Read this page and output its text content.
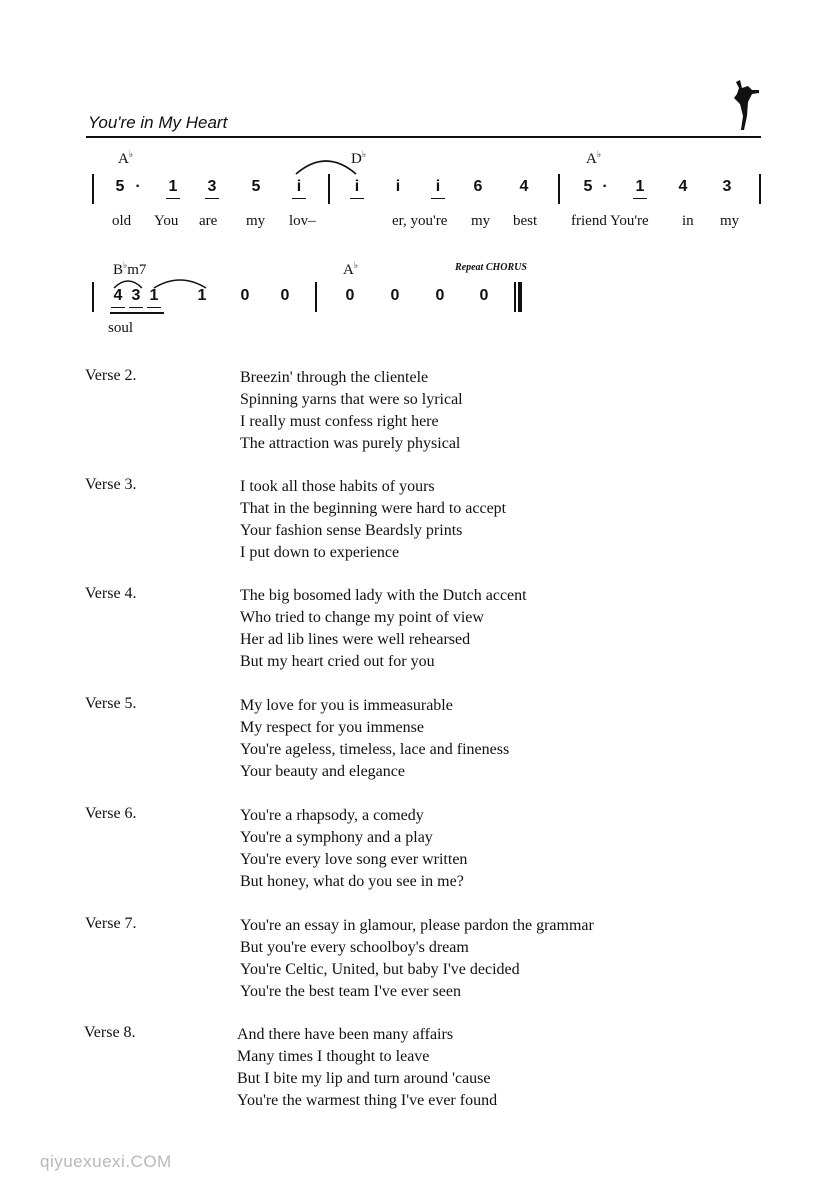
You're in My Heart
A♭	D♭	A♭
5 ·	1	3	5	i	i	i	i	6	4	5 ·	1	4	3
old You are my lov–	er, you're my best friend You're in my
B♭m7	A♭	Repeat CHORUS
4 3 1	1	0	0	0	0	0	0
soul
Verse 2.	Breezin' through the clientele
Spinning yarns that were so lyrical
I really must confess right here
The attraction was purely physical
Verse 3.	I took all those habits of yours
That in the beginning were hard to accept
Your fashion sense Beardsly prints
I put down to experience
Verse 4.	The big bosomed lady with the Dutch accent
Who tried to change my point of view
Her ad lib lines were well rehearsed
But my heart cried out for you
Verse 5.	My love for you is immeasurable
My respect for you immense
You're ageless, timeless, lace and fineness
Your beauty and elegance
Verse 6.	You're a rhapsody, a comedy
You're a symphony and a play
You're every love song ever written
But honey, what do you see in me?
Verse 7.	You're an essay in glamour, please pardon the grammar
But you're every schoolboy's dream
You're Celtic, United, but baby I've decided
You're the best team I've ever seen
Verse 8.	And there have been many affairs
Many times I thought to leave
But I bite my lip and turn around 'cause
You're the warmest thing I've ever found
qiyuexuexi.COM
